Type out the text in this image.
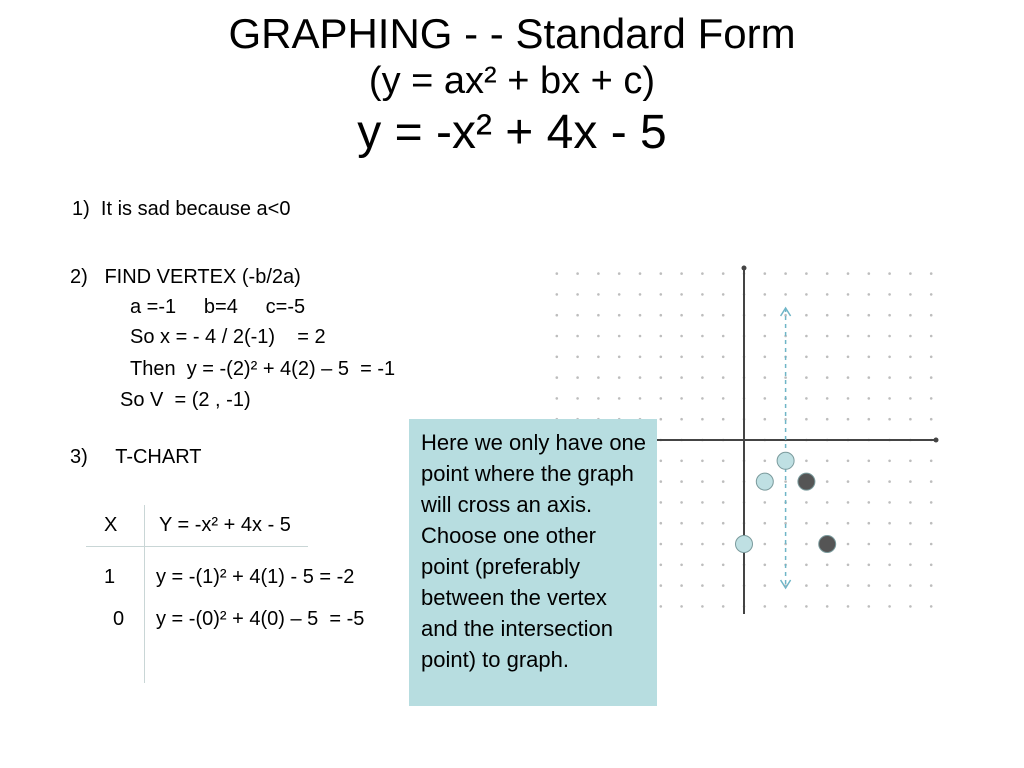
GRAPHING - - Standard Form
(y = ax² + bx + c)
y = -x² + 4x - 5
1)  It is sad because a<0
2)   FIND VERTEX (-b/2a)
a =-1     b=4     c=-5
So x = - 4 / 2(-1)    = 2
Then  y = -(2)² + 4(2) – 5  = -1
So V  = (2 , -1)
3)     T-CHART
X Y = -x² + 4x - 5
1 y = -(1)² + 4(1) - 5 = -2
0 y = -(0)² + 4(0) – 5  = -5
Here we only have one point where the graph will cross an axis. Choose one other point (preferably between the vertex and the intersection point) to graph.
